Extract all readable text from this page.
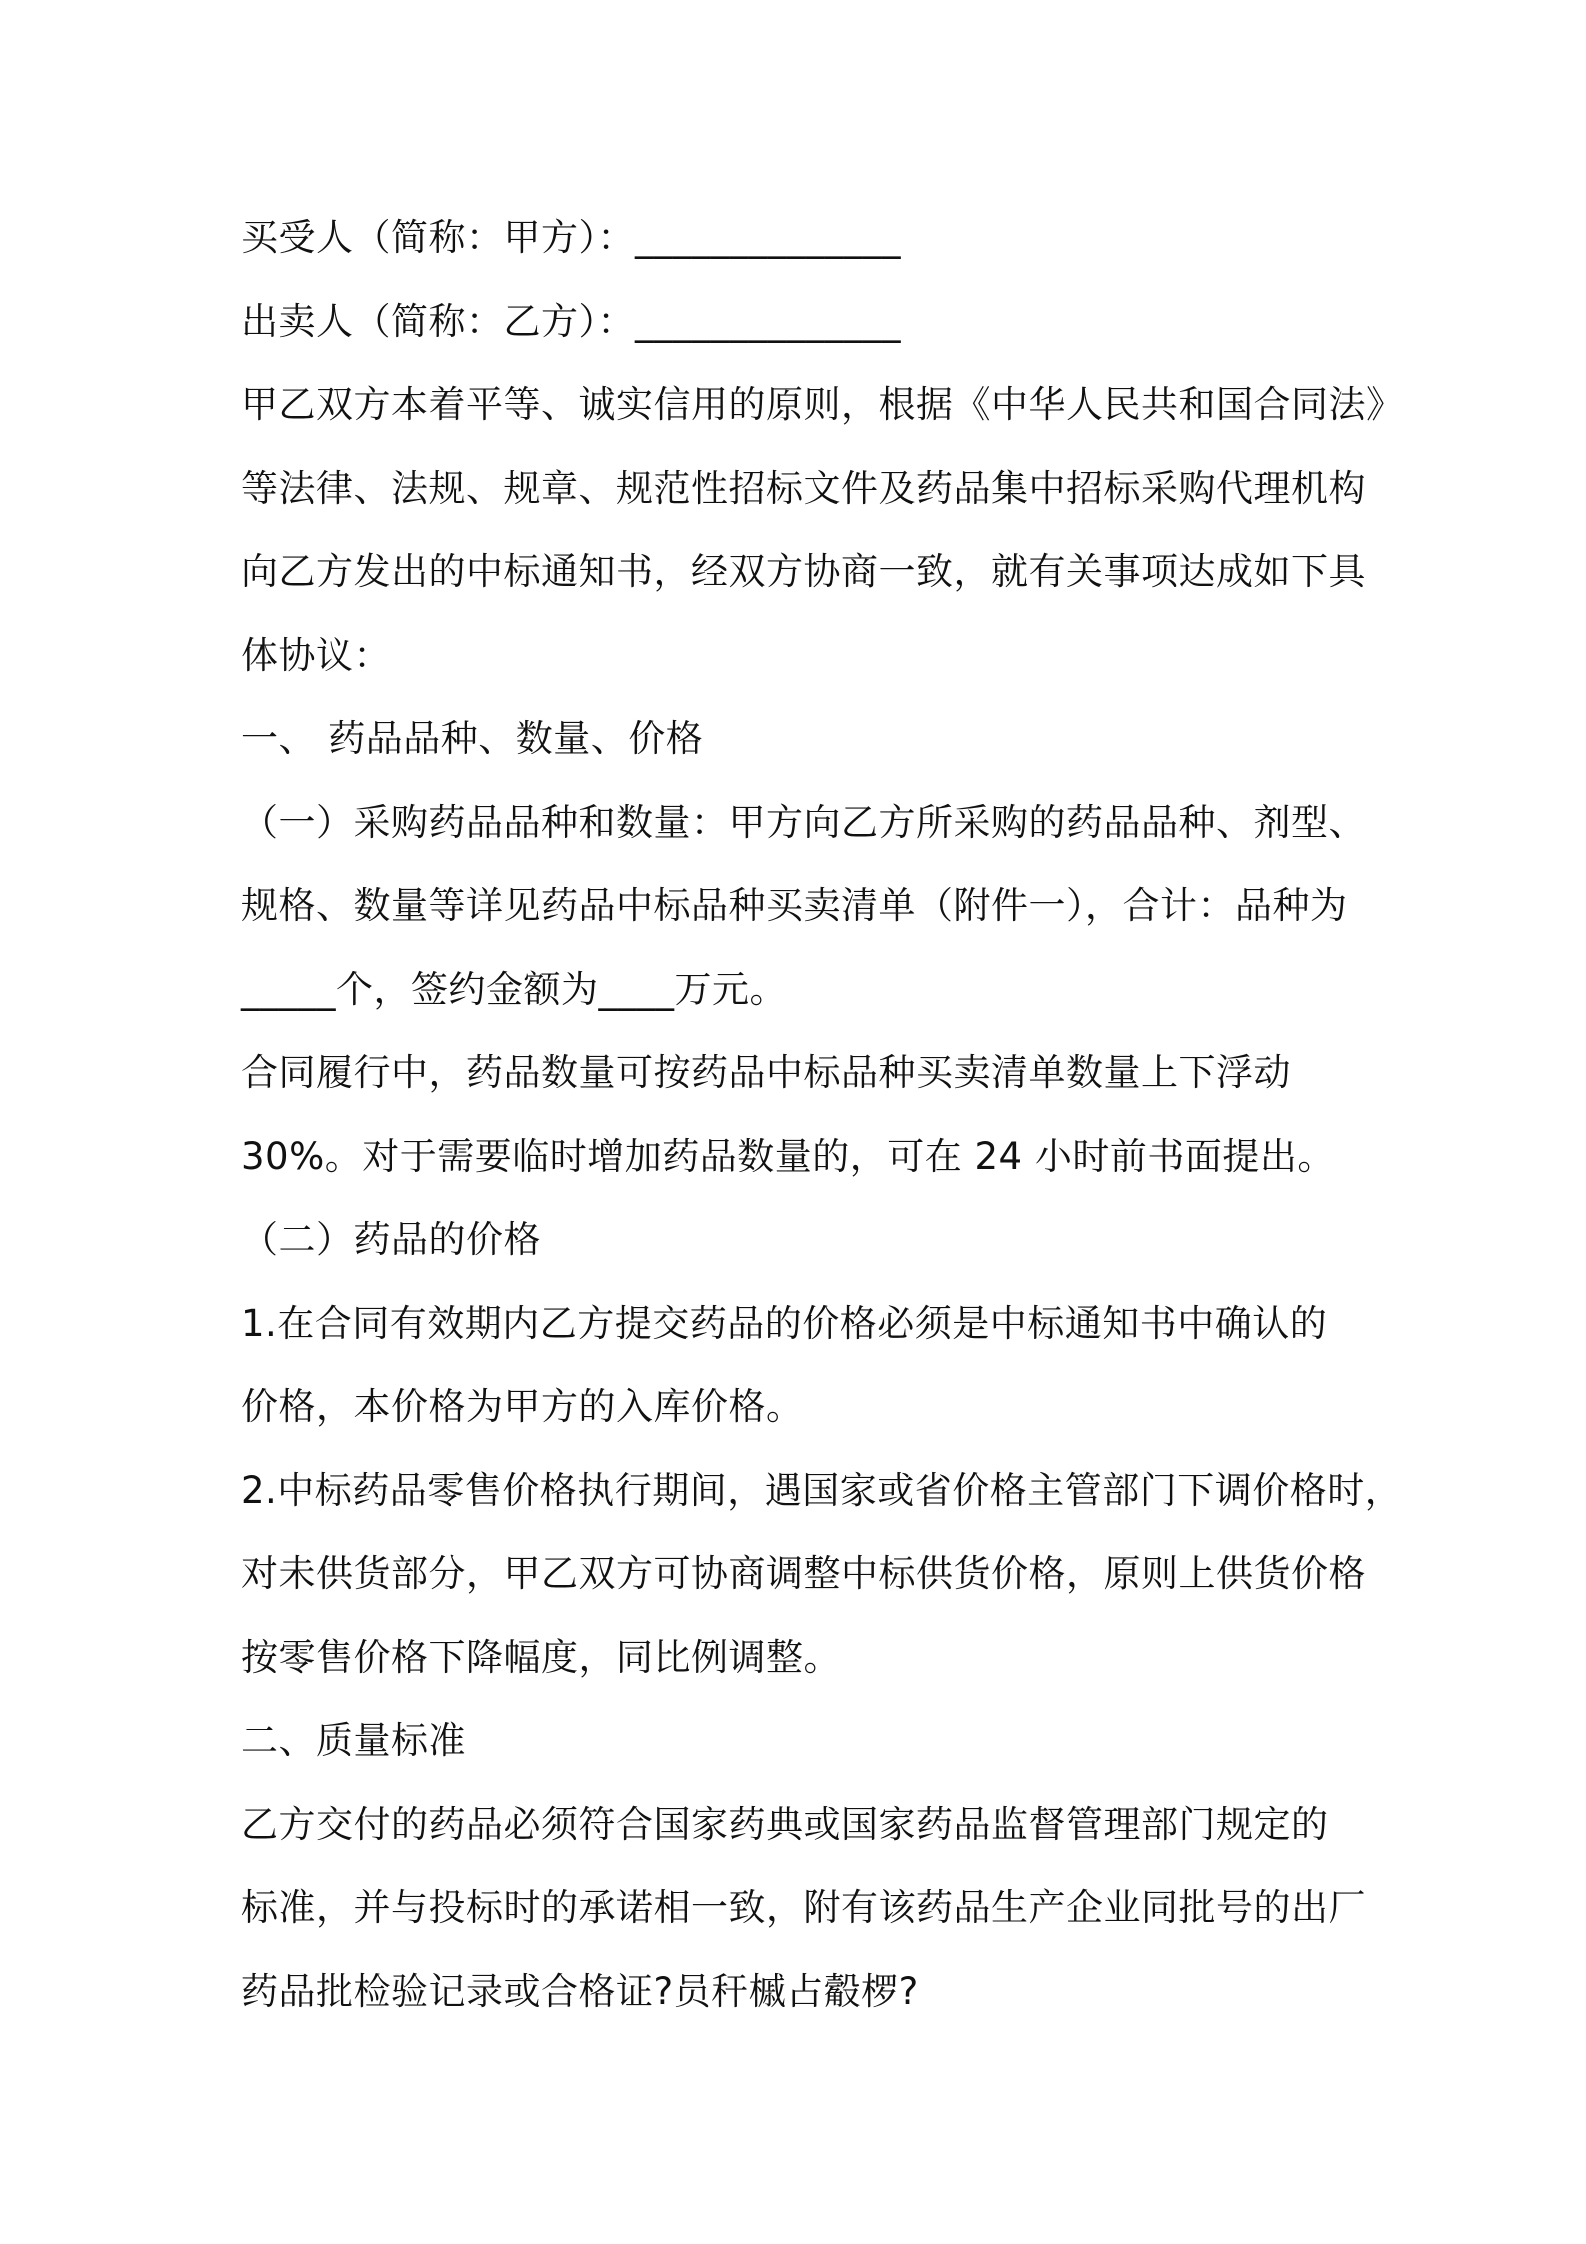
买受人（简称：甲方）：______________
出卖人（简称：乙方）：______________
甲乙双方本着平等、诚实信用的原则，根据《中华人民共和国合同法》
等法律、法规、规章、规范性招标文件及药品集中招标采购代理机构
向乙方发出的中标通知书，经双方协商一致，就有关事项达成如下具
体协议：
一、 药品品种、数量、价格
（一）采购药品品种和数量：甲方向乙方所采购的药品品种、剂型、
规格、数量等详见药品中标品种买卖清单（附件一），合计：品种为
_____个，签约金额为____万元。
合同履行中，药品数量可按药品中标品种买卖清单数量上下浮动
30%。对于需要临时增加药品数量的，可在 24 小时前书面提出。
（二）药品的价格
1.在合同有效期内乙方提交药品的价格必须是中标通知书中确认的
价格，本价格为甲方的入库价格。
2.中标药品零售价格执行期间，遇国家或省价格主管部门下调价格时，
对未供货部分，甲乙双方可协商调整中标供货价格，原则上供货价格
按零售价格下降幅度，同比例调整。
二、质量标准
乙方交付的药品必须符合国家药典或国家药品监督管理部门规定的
标准，并与投标时的承诺相一致，附有该药品生产企业同批号的出厂
药品批检验记录或合格证?员秆槭占觳椤?
